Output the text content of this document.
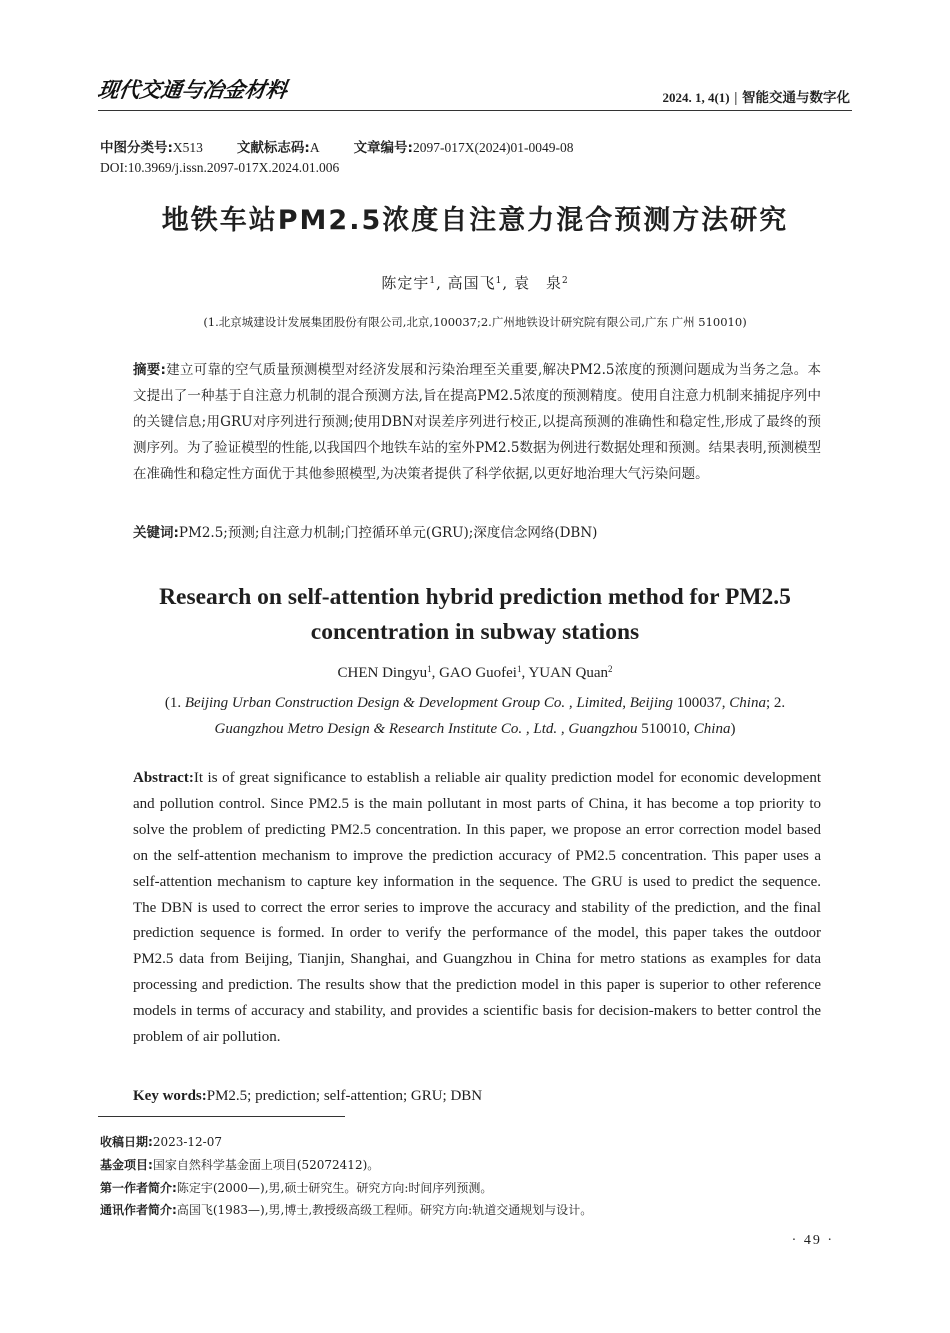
现代交通与冶金材料	2024. 1, 4(1) | 智能交通与数字化
中图分类号:X513	文献标志码:A	文章编号:2097-017X(2024)01-0049-08
DOI:10.3969/j.issn.2097-017X.2024.01.006
地铁车站PM2.5浓度自注意力混合预测方法研究
陈定宇$^1$, 高国飞$^1$, 袁　泉$^2$
(1.北京城建设计发展集团股份有限公司,北京,100037;2.广州地铁设计研究院有限公司,广东 广州 510010)
摘要:建立可靠的空气质量预测模型对经济发展和污染治理至关重要,解决PM2.5浓度的预测问题成为当务之急。本文提出了一种基于自注意力机制的混合预测方法,旨在提高PM2.5浓度的预测精度。使用自注意力机制来捕捉序列中的关键信息;用GRU对序列进行预测;使用DBN对误差序列进行校正,以提高预测的准确性和稳定性,形成了最终的预测序列。为了验证模型的性能,以我国四个地铁车站的室外PM2.5数据为例进行数据处理和预测。结果表明,预测模型在准确性和稳定性方面优于其他参照模型,为决策者提供了科学依据,以更好地治理大气污染问题。
关键词:PM2.5;预测;自注意力机制;门控循环单元(GRU);深度信念网络(DBN)
Research on self-attention hybrid prediction method for PM2.5
concentration in subway stations
CHEN Dingyu$^1$, GAO Guofei$^1$, YUAN Quan$^2$
(1. Beijing Urban Construction Design & Development Group Co. , Limited, Beijing 100037, China; 2. Guangzhou Metro Design & Research Institute Co. , Ltd. , Guangzhou 510010, China)
Abstract:It is of great significance to establish a reliable air quality prediction model for economic development and pollution control. Since PM2.5 is the main pollutant in most parts of China, it has become a top priority to solve the problem of predicting PM2.5 concentration. In this paper, we propose an error correction model based on the self-attention mechanism to improve the prediction accuracy of PM2.5 concentration. This paper uses a self-attention mechanism to capture key information in the sequence. The GRU is used to predict the sequence. The DBN is used to correct the error series to improve the accuracy and stability of the prediction, and the final prediction sequence is formed. In order to verify the performance of the model, this paper takes the outdoor PM2.5 data from Beijing, Tianjin, Shanghai, and Guangzhou in China for metro stations as examples for data processing and prediction. The results show that the prediction model in this paper is superior to other reference models in terms of accuracy and stability, and provides a scientific basis for decision-makers to better control the problem of air pollution.
Key words:PM2.5; prediction; self-attention; GRU; DBN
收稿日期:2023-12-07
基金项目:国家自然科学基金面上项目(52072412)。
第一作者简介:陈定宇(2000—),男,硕士研究生。研究方向:时间序列预测。
通讯作者简介:高国飞(1983—),男,博士,教授级高级工程师。研究方向:轨道交通规划与设计。
· 49 ·
